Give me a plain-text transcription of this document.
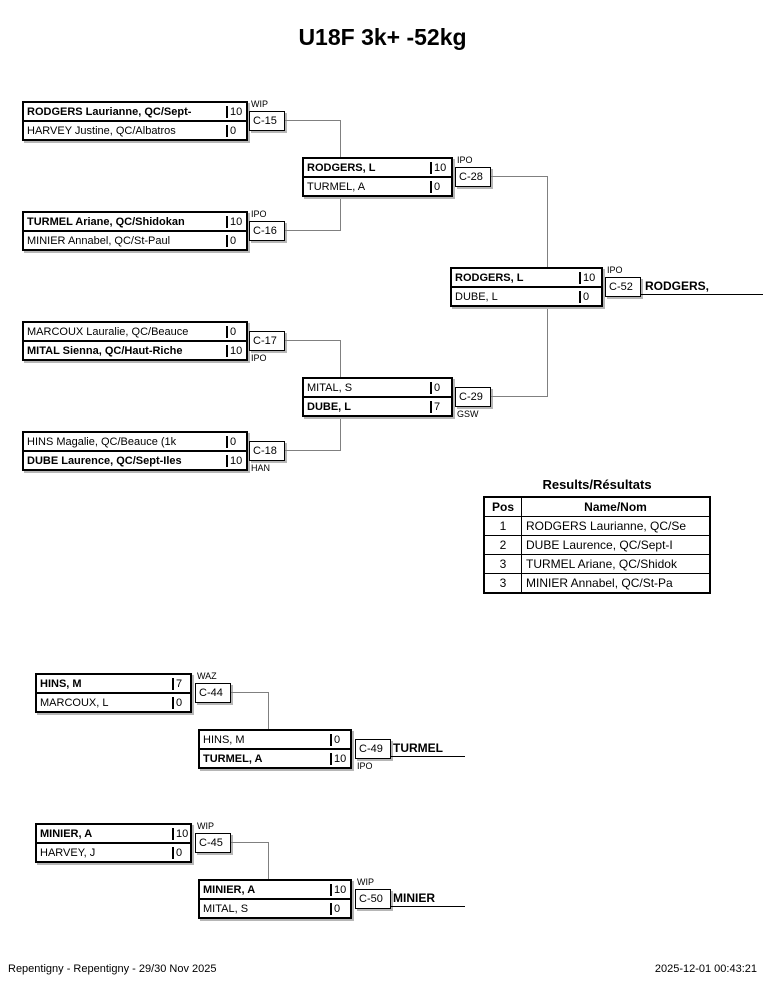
U18F 3k+ -52kg
RODGERS Laurianne, QC/Sept-	10
HARVEY Justine, QC/Albatros	0
C-15
WIP
TURMEL Ariane, QC/Shidokan	10
MINIER Annabel, QC/St-Paul	0
C-16
IPO
RODGERS, L	10
TURMEL, A	0
C-28
IPO
MARCOUX Lauralie, QC/Beauce	0
MITAL Sienna, QC/Haut-Riche	10
C-17
IPO
HINS Magalie, QC/Beauce (1k	0
DUBE Laurence, QC/Sept-Iles	10
C-18
HAN
MITAL, S	0
DUBE, L	7
C-29
GSW
RODGERS, L	10
DUBE, L	0
C-52
IPO
RODGERS,
Results/Résultats
Pos	Name/Nom
1	RODGERS Laurianne, QC/Se
2	DUBE Laurence, QC/Sept-I
3	TURMEL Ariane, QC/Shidok
3	MINIER Annabel, QC/St-Pa
HINS, M	7
MARCOUX, L	0
C-44
WAZ
HINS, M	0
TURMEL, A	10
C-49
IPO
TURMEL
MINIER, A	10
HARVEY, J	0
C-45
WIP
MINIER, A	10
MITAL, S	0
C-50
WIP
MINIER
Repentigny - Repentigny - 29/30 Nov 2025	2025-12-01 00:43:21
